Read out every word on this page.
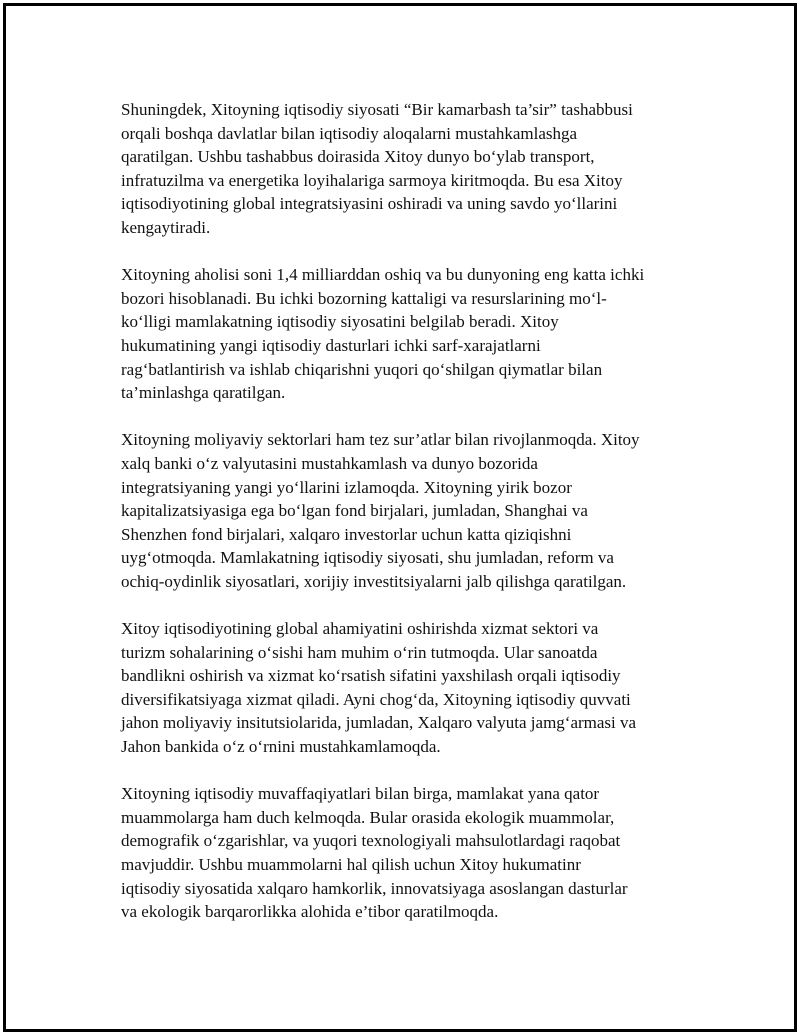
Shuningdek, Xitoyning iqtisodiy siyosati “Bir kamarbash ta’sir” tashabbusi
orqali boshqa davlatlar bilan iqtisodiy aloqalarni mustahkamlashga
qaratilgan. Ushbu tashabbus doirasida Xitoy dunyo bo‘ylab transport,
infratuzilma va energetika loyihalariga sarmoya kiritmoqda. Bu esa Xitoy
iqtisodiyotining global integratsiyasini oshiradi va uning savdo yo‘llarini
kengaytiradi.

Xitoyning aholisi soni 1,4 milliarddan oshiq va bu dunyoning eng katta ichki
bozori hisoblanadi. Bu ichki bozorning kattaligi va resurslarining mo‘l-
ko‘lligi mamlakatning iqtisodiy siyosatini belgilab beradi. Xitoy
hukumatining yangi iqtisodiy dasturlari ichki sarf-xarajatlarni
rag‘batlantirish va ishlab chiqarishni yuqori qo‘shilgan qiymatlar bilan
ta’minlashga qaratilgan.

Xitoyning moliyaviy sektorlari ham tez sur’atlar bilan rivojlanmoqda. Xitoy
xalq banki o‘z valyutasini mustahkamlash va dunyo bozorida
integratsiyaning yangi yo‘llarini izlamoqda. Xitoyning yirik bozor
kapitalizatsiyasiga ega bo‘lgan fond birjalari, jumladan, Shanghai va
Shenzhen fond birjalari, xalqaro investorlar uchun katta qiziqishni
uyg‘otmoqda. Mamlakatning iqtisodiy siyosati, shu jumladan, reform va
ochiq-oydinlik siyosatlari, xorijiy investitsiyalarni jalb qilishga qaratilgan.

Xitoy iqtisodiyotining global ahamiyatini oshirishda xizmat sektori va
turizm sohalarining o‘sishi ham muhim o‘rin tutmoqda. Ular sanoatda
bandlikni oshirish va xizmat ko‘rsatish sifatini yaxshilash orqali iqtisodiy
diversifikatsiyaga xizmat qiladi. Ayni chog‘da, Xitoyning iqtisodiy quvvati
jahon moliyaviy insitutsiolarida, jumladan, Xalqaro valyuta jamg‘armasi va
Jahon bankida o‘z o‘rnini mustahkamlamoqda.

Xitoyning iqtisodiy muvaffaqiyatlari bilan birga, mamlakat yana qator
muammolarga ham duch kelmoqda. Bular orasida ekologik muammolar,
demografik o‘zgarishlar, va yuqori texnologiyali mahsulotlardagi raqobat
mavjuddir. Ushbu muammolarni hal qilish uchun Xitoy hukumatinr
iqtisodiy siyosatida xalqaro hamkorlik, innovatsiyaga asoslangan dasturlar
va ekologik barqarorlikka alohida e’tibor qaratilmoqda.
